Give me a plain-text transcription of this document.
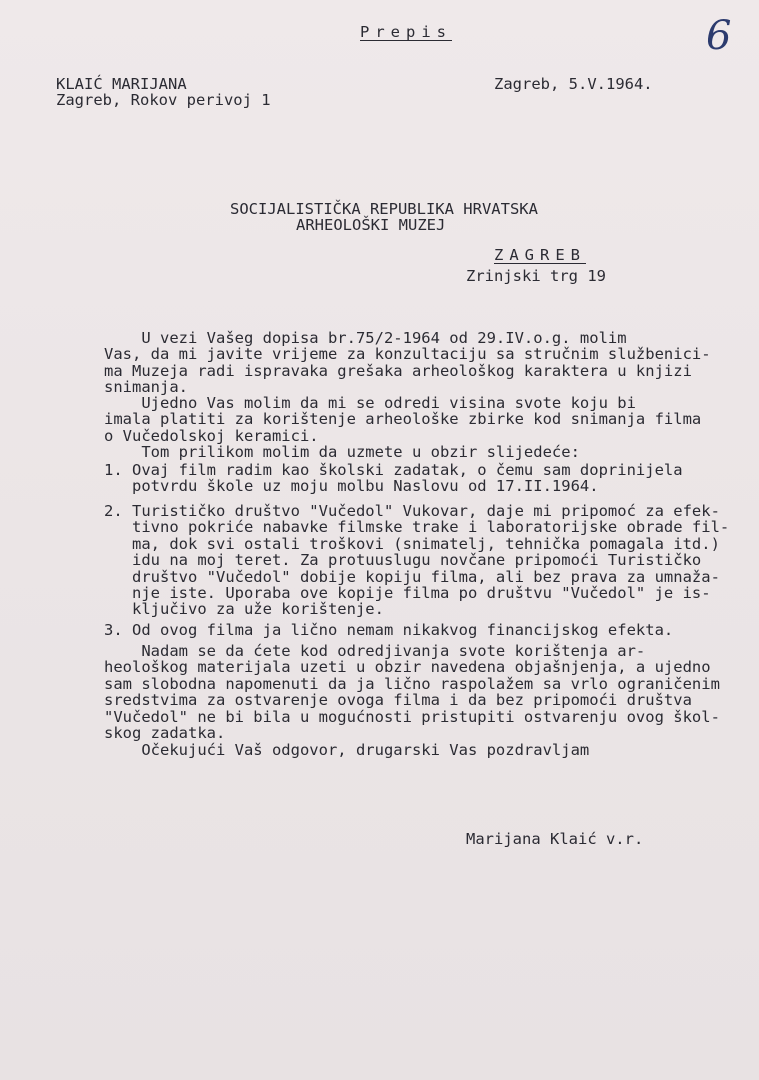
Prepis	6
KLAIĆ MARIJANA
Zagreb, Rokov perivoj 1
Zagreb, 5.V.1964.
SOCIJALISTIČKA REPUBLIKA HRVATSKA
ARHEOLOŠKI MUZEJ
ZAGREB
Zrinjski trg 19
U vezi Vašeg dopisa br.75/2-1964 od 29.IV.o.g. molim
Vas, da mi javite vrijeme za konzultaciju sa stručnim službenici-
ma Muzeja radi ispravaka grešaka arheološkog karaktera u knjizi
snimanja.
Ujedno Vas molim da mi se odredi visina svote koju bi
imala platiti za korištenje arheološke zbirke kod snimanja filma
o Vučedolskoj keramici.
Tom prilikom molim da uzmete u obzir slijedeće:
1. Ovaj film radim kao školski zadatak, o čemu sam doprinijela
potvrdu škole uz moju molbu Naslovu od 17.II.1964.
2. Turističko društvo "Vučedol" Vukovar, daje mi pripomoć za efek-
tivno pokriće nabavke filmske trake i laboratorijske obrade fil-
ma, dok svi ostali troškovi (snimatelj, tehnička pomagala itd.)
idu na moj teret. Za protuuslugu novčane pripomoći Turističko
društvo "Vučedol" dobije kopiju filma, ali bez prava za umnaža-
nje iste. Uporaba ove kopije filma po društvu "Vučedol" je is-
ključivo za uže korištenje.
3. Od ovog filma ja lično nemam nikakvog financijskog efekta.
Nadam se da ćete kod odredjivanja svote korištenja ar-
heološkog materijala uzeti u obzir navedena objašnjenja, a ujedno
sam slobodna napomenuti da ja lično raspolažem sa vrlo ograničenim
sredstvima za ostvarenje ovoga filma i da bez pripomoći društva
"Vučedol" ne bi bila u mogućnosti pristupiti ostvarenju ovog škol-
skog zadatka.
Očekujući Vaš odgovor, drugarski Vas pozdravljam
Marijana Klaić v.r.
